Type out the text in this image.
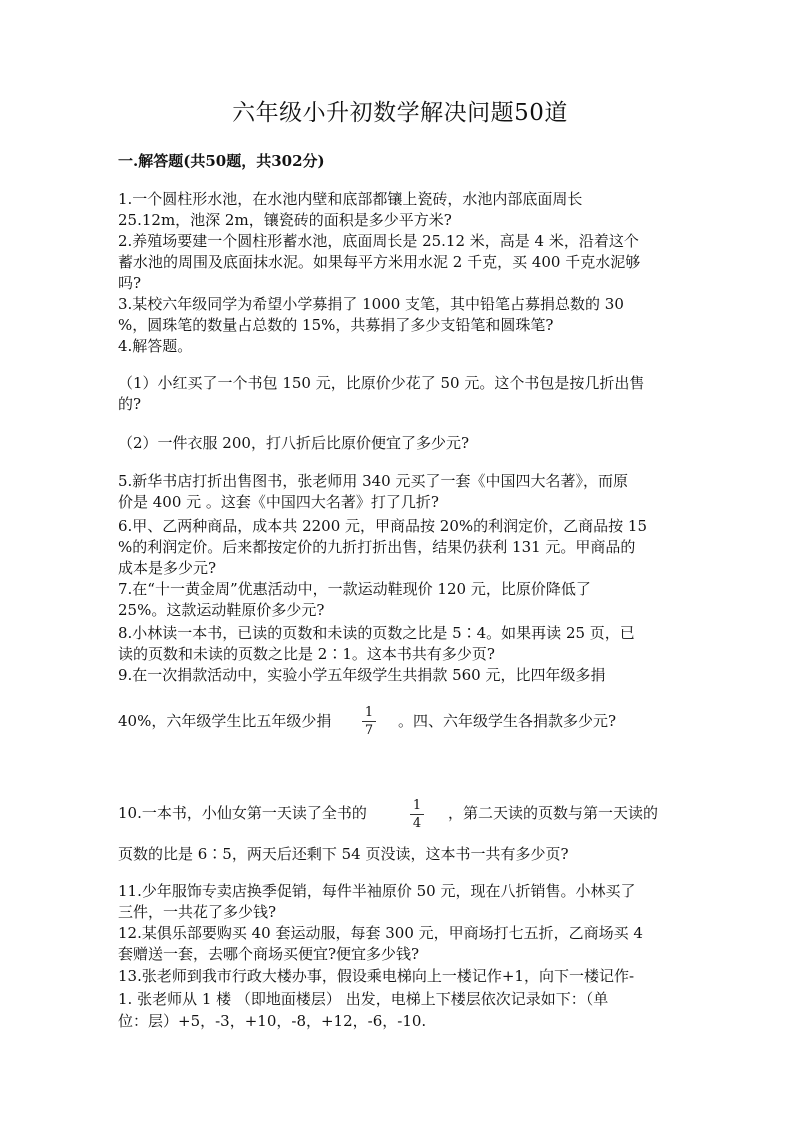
六年级小升初数学解决问题50道
一.解答题(共50题，共302分)
1.一个圆柱形水池，在水池内壁和底部都镶上瓷砖，水池内部底面周长
25.12m，池深 2m，镶瓷砖的面积是多少平方米?
2.养殖场要建一个圆柱形蓄水池，底面周长是 25.12 米，高是 4 米，沿着这个
蓄水池的周围及底面抹水泥。如果每平方米用水泥 2 千克，买 400 千克水泥够
吗?
3.某校六年级同学为希望小学募捐了 1000 支笔，其中铅笔占募捐总数的 30
%，圆珠笔的数量占总数的 15%，共募捐了多少支铅笔和圆珠笔?
4.解答题。
（1）小红买了一个书包 150 元，比原价少花了 50 元。这个书包是按几折出售
的?
（2）一件衣服 200，打八折后比原价便宜了多少元?
5.新华书店打折出售图书，张老师用 340 元买了一套《中国四大名著》，而原
价是 400 元 。这套《中国四大名著》打了几折?
6.甲、乙两种商品，成本共 2200 元，甲商品按 20%的利润定价，乙商品按 15
%的利润定价。后来都按定价的九折打折出售，结果仍获利 131 元。甲商品的
成本是多少元?
7.在“十一黄金周”优惠活动中，一款运动鞋现价 120 元，比原价降低了
25%。这款运动鞋原价多少元?
8.小林读一本书，已读的页数和未读的页数之比是 5∶4。如果再读 25 页，已
读的页数和未读的页数之比是 2∶1。这本书共有多少页?
9.在一次捐款活动中，实验小学五年级学生共捐款 560 元，比四年级多捐
40%，六年级学生比五年级少捐	1
7
。四、六年级学生各捐款多少元?
10.一本书，小仙女第一天读了全书的	1
4
，第二天读的页数与第一天读的
页数的比是 6∶5，两天后还剩下 54 页没读，这本书一共有多少页?
11.少年服饰专卖店换季促销，每件半袖原价 50 元，现在八折销售。小林买了
三件，一共花了多少钱?
12.某俱乐部要购买 40 套运动服，每套 300 元，甲商场打七五折，乙商场买 4
套赠送一套，去哪个商场买便宜?便宜多少钱?
13.张老师到我市行政大楼办事，假设乘电梯向上一楼记作+1，向下一楼记作-
1. 张老师从 1 楼 （即地面楼层） 出发，电梯上下楼层依次记录如下：（单
位：层）+5，-3，+10，-8，+12，-6，-10.
